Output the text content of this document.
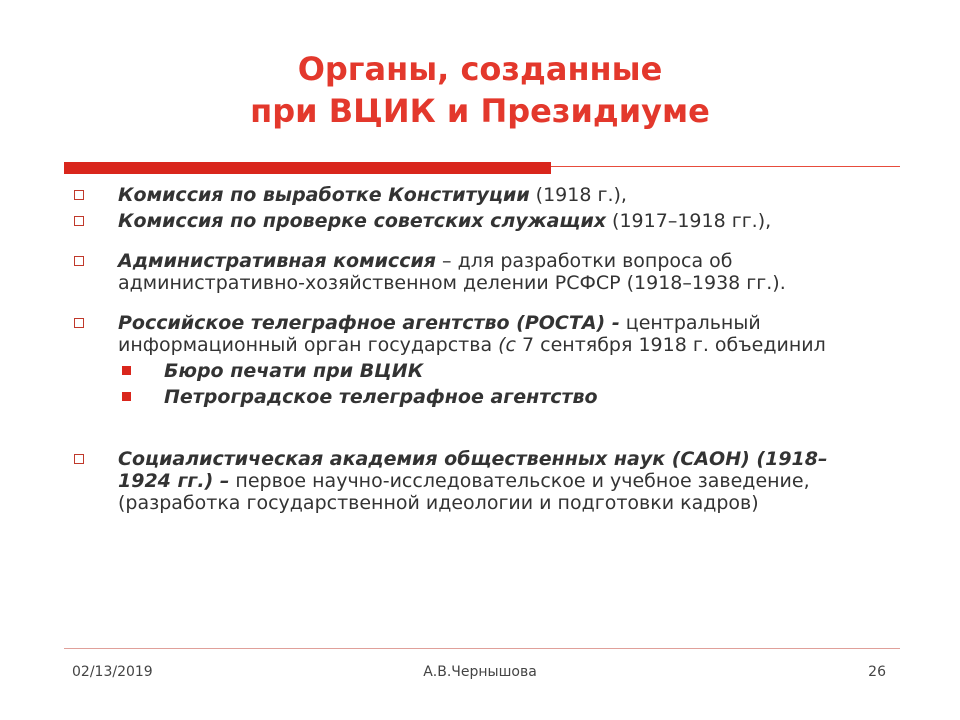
Органы, созданные
при ВЦИК и Президиуме
Комиссия по выработке Конституции (1918 г.),
Комиссия по проверке советских служащих (1917–1918 гг.),
Административная комиссия – для разработки вопроса об административно-хозяйственном делении РСФСР (1918–1938 гг.).
Российское телеграфное агентство (РОСТА) - центральный информационный орган государства (с 7 сентября 1918 г. объединил
Бюро печати при ВЦИК
Петроградское телеграфное агентство
Социалистическая академия общественных наук (САОН) (1918–1924 гг.) – первое научно-исследовательское и учебное заведение, (разработка государственной идеологии и подготовки кадров)
02/13/2019	А.В.Чернышова	26
